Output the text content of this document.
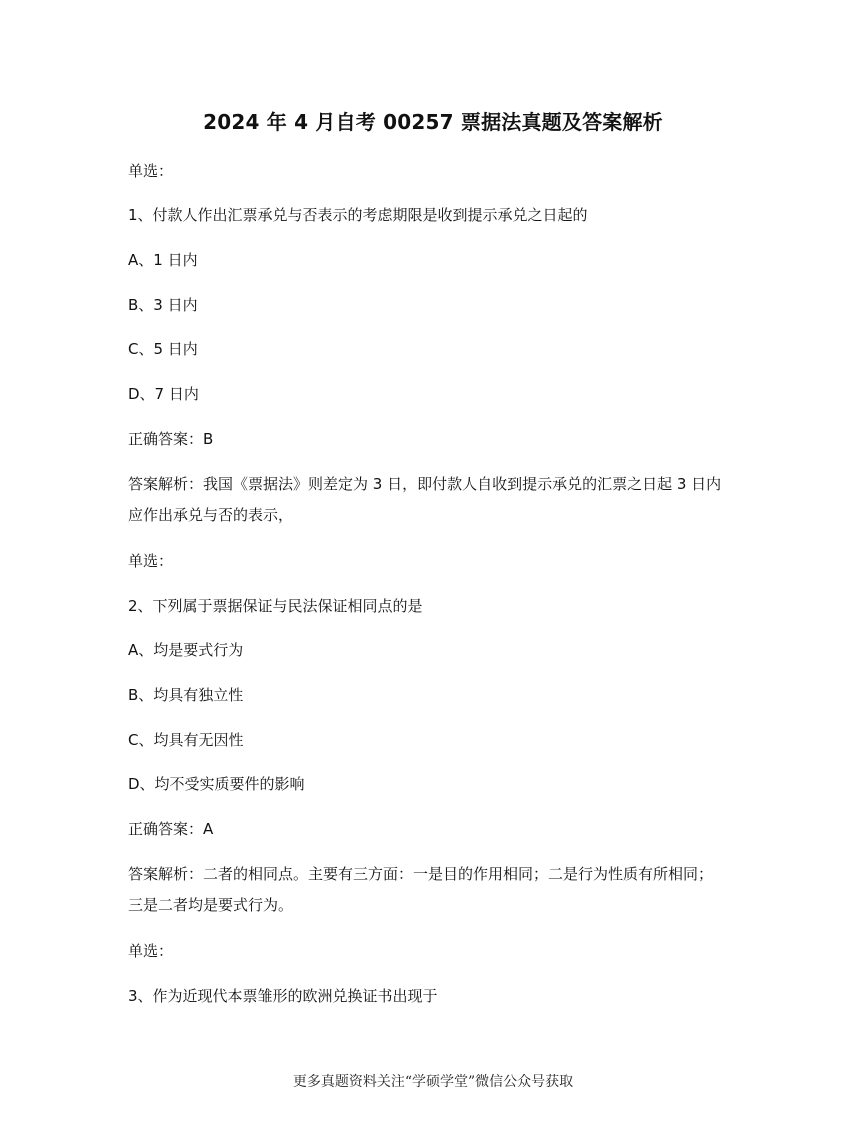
2024 年 4 月自考 00257 票据法真题及答案解析
单选：
1、付款人作出汇票承兑与否表示的考虑期限是收到提示承兑之日起的
A、1 日内
B、3 日内
C、5 日内
D、7 日内
正确答案：B
答案解析：我国《票据法》则差定为 3 日，即付款人自收到提示承兑的汇票之日起 3 日内
应作出承兑与否的表示，
单选：
2、下列属于票据保证与民法保证相同点的是
A、均是要式行为
B、均具有独立性
C、均具有无因性
D、均不受实质要件的影响
正确答案：A
答案解析：二者的相同点。主要有三方面：一是目的作用相同；二是行为性质有所相同；
三是二者均是要式行为。
单选：
3、作为近现代本票雏形的欧洲兑换证书出现于
更多真题资料关注“学硕学堂”微信公众号获取
